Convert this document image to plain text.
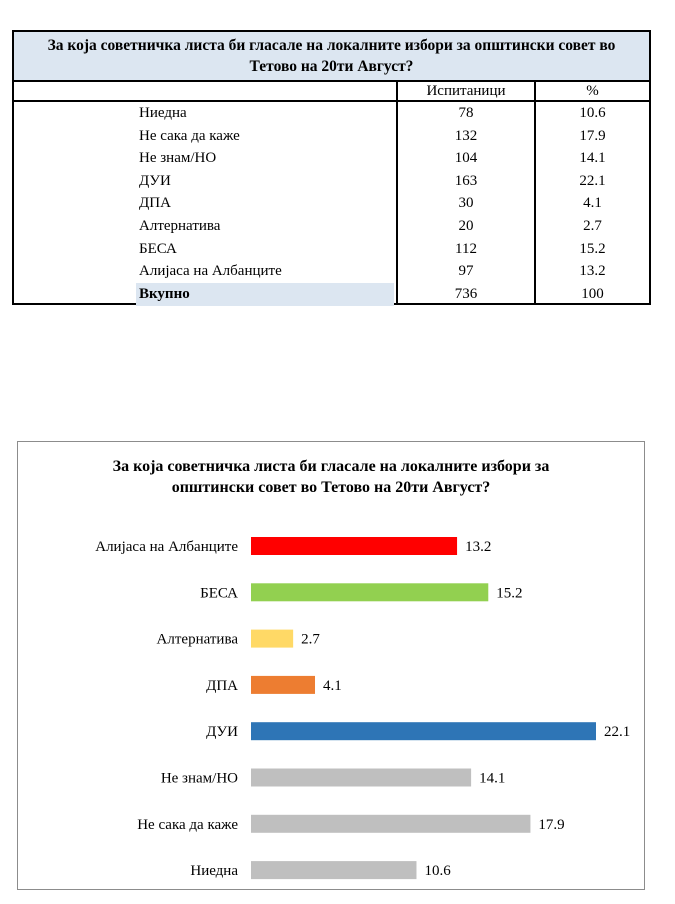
За која советничка листа би гласале на локалните избори за општински совет во
Тетово на 20ти Август?
Испитаници	%
Ниедна	78	10.6
Не сака да каже	132	17.9
Не знам/НО	104	14.1
ДУИ	163	22.1
ДПА	30	4.1
Алтернатива	20	2.7
БЕСА	112	15.2
Алијаса на Албанците	97	13.2
Вкупно	736	100
За која советничка листа би гласале на локалните избори за
општински совет во Тетово на 20ти Август?
Алијаса на Албанците	13.2
БЕСА	15.2
Алтернатива	2.7
ДПА	4.1
ДУИ	22.1
Не знам/НО	14.1
Не сака да каже	17.9
Ниедна	10.6
